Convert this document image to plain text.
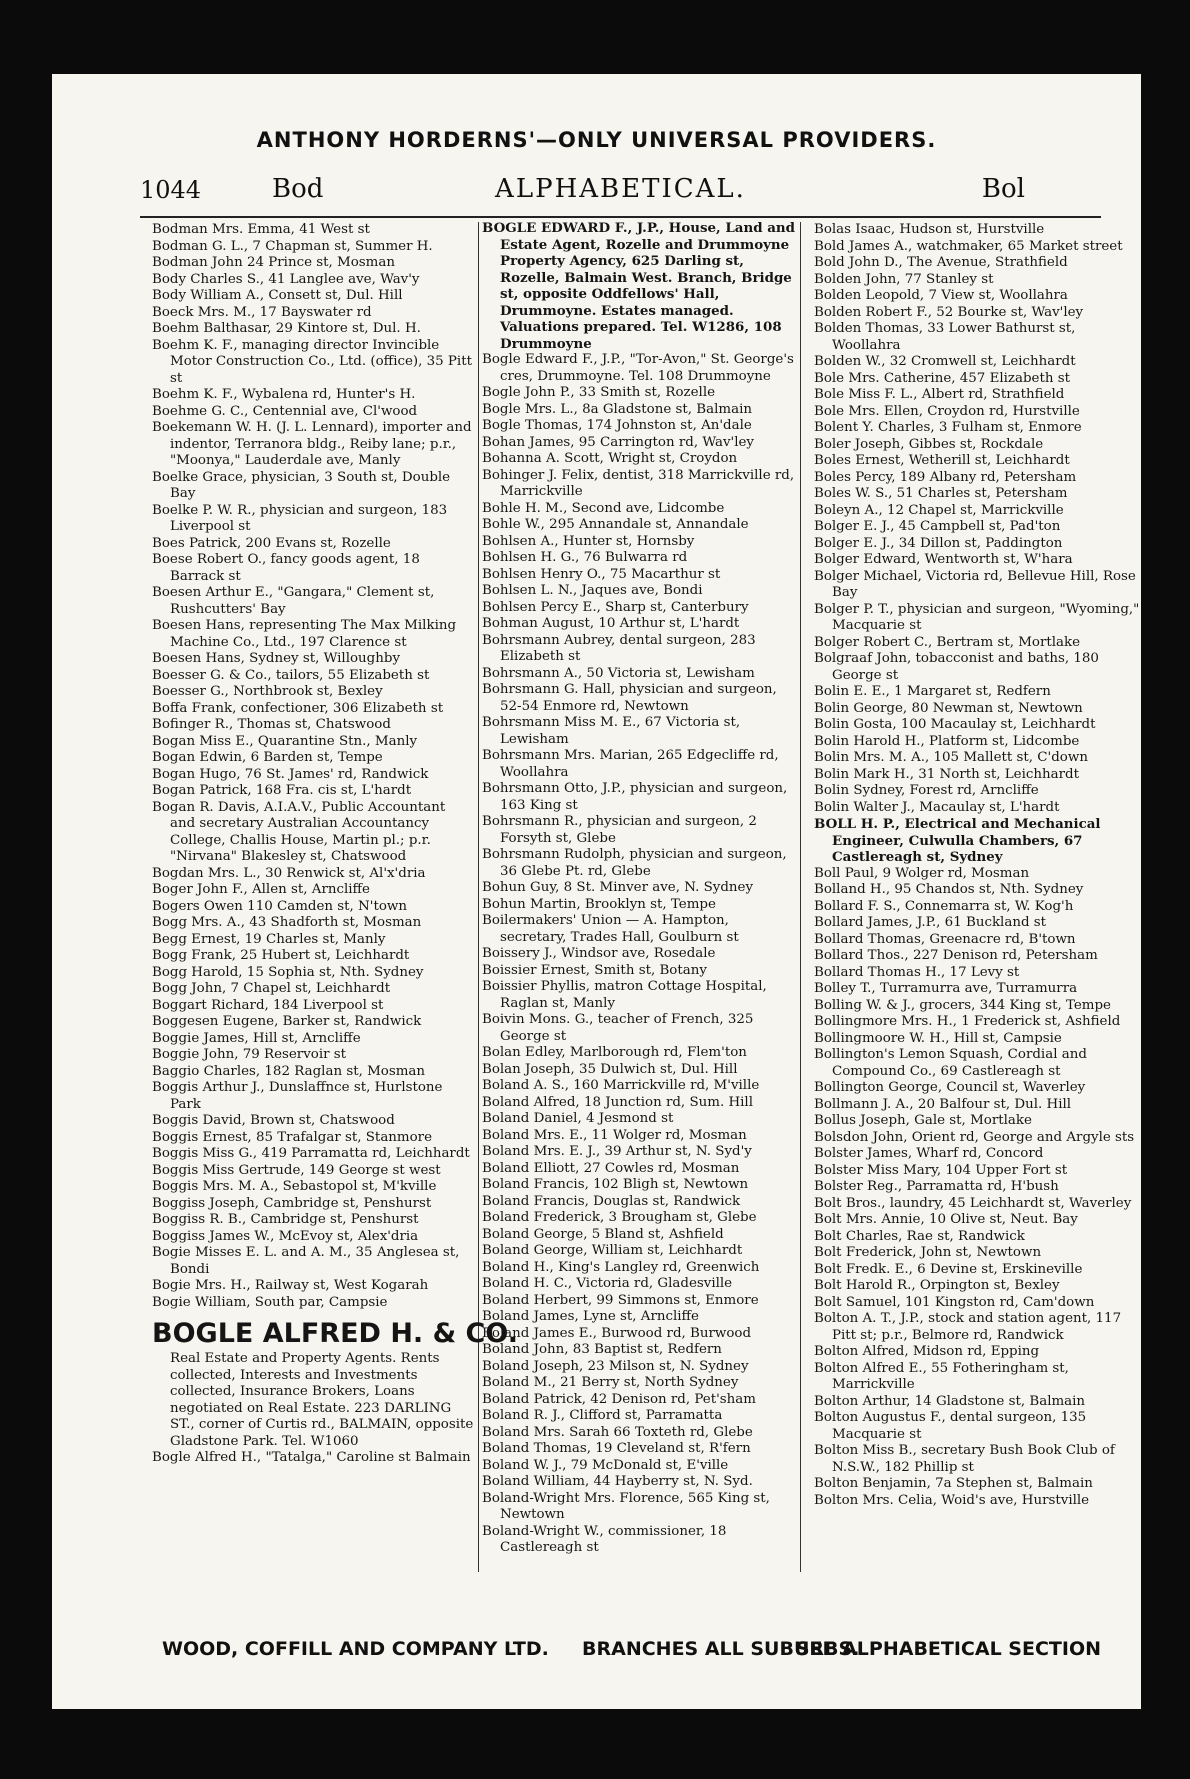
ANTHONY HORDERNS'—ONLY UNIVERSAL PROVIDERS.
1044	Bod	ALPHABETICAL.	Bol

Bodman Mrs. Emma, 41 West st

Bodman G. L., 7 Chapman st, Summer H.

Bodman John 24 Prince st, Mosman

Body Charles S., 41 Langlee ave, Wav'y

Body William A., Consett st, Dul. Hill

Boeck Mrs. M., 17 Bayswater rd

Boehm Balthasar, 29 Kintore st, Dul. H.

Boehm K. F., managing director Invincible Motor Construction Co., Ltd. (office), 35 Pitt st

Boehm K. F., Wybalena rd, Hunter's H.

Boehme G. C., Centennial ave, Cl'wood

Boekemann W. H. (J. L. Lennard), importer and indentor, Terranora bldg., Reiby lane; p.r., "Moonya," Lauderdale ave, Manly

Boelke Grace, physician, 3 South st, Double Bay

Boelke P. W. R., physician and surgeon, 183 Liverpool st

Boes Patrick, 200 Evans st, Rozelle

Boese Robert O., fancy goods agent, 18 Barrack st

Boesen Arthur E., "Gangara," Clement st, Rushcutters' Bay

Boesen Hans, representing The Max Milking Machine Co., Ltd., 197 Clarence st

Boesen Hans, Sydney st, Willoughby

Boesser G. & Co., tailors, 55 Elizabeth st

Boesser G., Northbrook st, Bexley

Boffa Frank, confectioner, 306 Elizabeth st

Bofinger R., Thomas st, Chatswood

Bogan Miss E., Quarantine Stn., Manly

Bogan Edwin, 6 Barden st, Tempe

Bogan Hugo, 76 St. James' rd, Randwick

Bogan Patrick, 168 Fra. cis st, L'hardt

Bogan R. Davis, A.I.A.V., Public Accountant and secretary Australian Accountancy College, Challis House, Martin pl.; p.r. "Nirvana" Blakesley st, Chatswood

Bogdan Mrs. L., 30 Renwick st, Al'x'dria

Boger John F., Allen st, Arncliffe

Bogers Owen 110 Camden st, N'town

Bogg Mrs. A., 43 Shadforth st, Mosman

Begg Ernest, 19 Charles st, Manly

Bogg Frank, 25 Hubert st, Leichhardt

Bogg Harold, 15 Sophia st, Nth. Sydney

Bogg John, 7 Chapel st, Leichhardt

Boggart Richard, 184 Liverpool st

Boggesen Eugene, Barker st, Randwick

Boggie James, Hill st, Arncliffe

Boggie John, 79 Reservoir st

Baggio Charles, 182 Raglan st, Mosman

Boggis Arthur J., Dunslaffnce st, Hurlstone Park

Boggis David, Brown st, Chatswood

Boggis Ernest, 85 Trafalgar st, Stanmore

Boggis Miss G., 419 Parramatta rd, Leichhardt

Boggis Miss Gertrude, 149 George st west

Boggis Mrs. M. A., Sebastopol st, M'kville

Boggiss Joseph, Cambridge st, Penshurst

Boggiss R. B., Cambridge st, Penshurst

Boggiss James W., McEvoy st, Alex'dria

Bogie Misses E. L. and A. M., 35 Anglesea st, Bondi

Bogie Mrs. H., Railway st, West Kogarah

Bogie William, South par, Campsie

BOGLE ALFRED H. & CO.

Real Estate and Property Agents. Rents collected, Interests and Investments collected, Insurance Brokers, Loans negotiated on Real Estate. 223 DARLING ST., corner of Curtis rd., BALMAIN, opposite Gladstone Park. Tel. W1060

Bogle Alfred H., "Tatalga," Caroline st Balmain

BOGLE EDWARD F., J.P., House, Land and Estate Agent, Rozelle and Drummoyne Property Agency, 625 Darling st, Rozelle, Balmain West. Branch, Bridge st, opposite Oddfellows' Hall, Drummoyne. Estates managed. Valuations prepared. Tel. W1286, 108 Drummoyne

Bogle Edward F., J.P., "Tor-Avon," St. George's cres, Drummoyne. Tel. 108 Drummoyne

Bogle John P., 33 Smith st, Rozelle

Bogle Mrs. L., 8a Gladstone st, Balmain

Bogle Thomas, 174 Johnston st, An'dale

Bohan James, 95 Carrington rd, Wav'ley

Bohanna A. Scott, Wright st, Croydon

Bohinger J. Felix, dentist, 318 Marrickville rd, Marrickville

Bohle H. M., Second ave, Lidcombe

Bohle W., 295 Annandale st, Annandale

Bohlsen A., Hunter st, Hornsby

Bohlsen H. G., 76 Bulwarra rd

Bohlsen Henry O., 75 Macarthur st

Bohlsen L. N., Jaques ave, Bondi

Bohlsen Percy E., Sharp st, Canterbury

Bohman August, 10 Arthur st, L'hardt

Bohrsmann Aubrey, dental surgeon, 283 Elizabeth st

Bohrsmann A., 50 Victoria st, Lewisham

Bohrsmann G. Hall, physician and surgeon, 52-54 Enmore rd, Newtown

Bohrsmann Miss M. E., 67 Victoria st, Lewisham

Bohrsmann Mrs. Marian, 265 Edgecliffe rd, Woollahra

Bohrsmann Otto, J.P., physician and surgeon, 163 King st

Bohrsmann R., physician and surgeon, 2 Forsyth st, Glebe

Bohrsmann Rudolph, physician and surgeon, 36 Glebe Pt. rd, Glebe

Bohun Guy, 8 St. Minver ave, N. Sydney

Bohun Martin, Brooklyn st, Tempe

Boilermakers' Union — A. Hampton, secretary, Trades Hall, Goulburn st

Boissery J., Windsor ave, Rosedale

Boissier Ernest, Smith st, Botany

Boissier Phyllis, matron Cottage Hospital, Raglan st, Manly

Boivin Mons. G., teacher of French, 325 George st

Bolan Edley, Marlborough rd, Flem'ton

Bolan Joseph, 35 Dulwich st, Dul. Hill

Boland A. S., 160 Marrickville rd, M'ville

Boland Alfred, 18 Junction rd, Sum. Hill

Boland Daniel, 4 Jesmond st

Boland Mrs. E., 11 Wolger rd, Mosman

Boland Mrs. E. J., 39 Arthur st, N. Syd'y

Boland Elliott, 27 Cowles rd, Mosman

Boland Francis, 102 Bligh st, Newtown

Boland Francis, Douglas st, Randwick

Boland Frederick, 3 Brougham st, Glebe

Boland George, 5 Bland st, Ashfield

Boland George, William st, Leichhardt

Boland H., King's Langley rd, Greenwich

Boland H. C., Victoria rd, Gladesville

Boland Herbert, 99 Simmons st, Enmore

Boland James, Lyne st, Arncliffe

Boland James E., Burwood rd, Burwood

Boland John, 83 Baptist st, Redfern

Boland Joseph, 23 Milson st, N. Sydney

Boland M., 21 Berry st, North Sydney

Boland Patrick, 42 Denison rd, Pet'sham

Boland R. J., Clifford st, Parramatta

Boland Mrs. Sarah 66 Toxteth rd, Glebe

Boland Thomas, 19 Cleveland st, R'fern

Boland W. J., 79 McDonald st, E'ville

Boland William, 44 Hayberry st, N. Syd.

Boland-Wright Mrs. Florence, 565 King st, Newtown

Boland-Wright W., commissioner, 18 Castlereagh st

Bolas Isaac, Hudson st, Hurstville

Bold James A., watchmaker, 65 Market street

Bold John D., The Avenue, Strathfield

Bolden John, 77 Stanley st

Bolden Leopold, 7 View st, Woollahra

Bolden Robert F., 52 Bourke st, Wav'ley

Bolden Thomas, 33 Lower Bathurst st, Woollahra

Bolden W., 32 Cromwell st, Leichhardt

Bole Mrs. Catherine, 457 Elizabeth st

Bole Miss F. L., Albert rd, Strathfield

Bole Mrs. Ellen, Croydon rd, Hurstville

Bolent Y. Charles, 3 Fulham st, Enmore

Boler Joseph, Gibbes st, Rockdale

Boles Ernest, Wetherill st, Leichhardt

Boles Percy, 189 Albany rd, Petersham

Boles W. S., 51 Charles st, Petersham

Boleyn A., 12 Chapel st, Marrickville

Bolger E. J., 45 Campbell st, Pad'ton

Bolger E. J., 34 Dillon st, Paddington

Bolger Edward, Wentworth st, W'hara

Bolger Michael, Victoria rd, Bellevue Hill, Rose Bay

Bolger P. T., physician and surgeon, "Wyoming," Macquarie st

Bolger Robert C., Bertram st, Mortlake

Bolgraaf John, tobacconist and baths, 180 George st

Bolin E. E., 1 Margaret st, Redfern

Bolin George, 80 Newman st, Newtown

Bolin Gosta, 100 Macaulay st, Leichhardt

Bolin Harold H., Platform st, Lidcombe

Bolin Mrs. M. A., 105 Mallett st, C'down

Bolin Mark H., 31 North st, Leichhardt

Bolin Sydney, Forest rd, Arncliffe

Bolin Walter J., Macaulay st, L'hardt

BOLL H. P., Electrical and Mechanical Engineer, Culwulla Chambers, 67 Castlereagh st, Sydney

Boll Paul, 9 Wolger rd, Mosman

Bolland H., 95 Chandos st, Nth. Sydney

Bollard F. S., Connemarra st, W. Kog'h

Bollard James, J.P., 61 Buckland st

Bollard Thomas, Greenacre rd, B'town

Bollard Thos., 227 Denison rd, Petersham

Bollard Thomas H., 17 Levy st

Bolley T., Turramurra ave, Turramurra

Bolling W. & J., grocers, 344 King st, Tempe

Bollingmore Mrs. H., 1 Frederick st, Ashfield

Bollingmoore W. H., Hill st, Campsie

Bollington's Lemon Squash, Cordial and Compound Co., 69 Castlereagh st

Bollington George, Council st, Waverley

Bollmann J. A., 20 Balfour st, Dul. Hill

Bollus Joseph, Gale st, Mortlake

Bolsdon John, Orient rd, George and Argyle sts

Bolster James, Wharf rd, Concord

Bolster Miss Mary, 104 Upper Fort st

Bolster Reg., Parramatta rd, H'bush

Bolt Bros., laundry, 45 Leichhardt st, Waverley

Bolt Mrs. Annie, 10 Olive st, Neut. Bay

Bolt Charles, Rae st, Randwick

Bolt Frederick, John st, Newtown

Bolt Fredk. E., 6 Devine st, Erskineville

Bolt Harold R., Orpington st, Bexley

Bolt Samuel, 101 Kingston rd, Cam'down

Bolton A. T., J.P., stock and station agent, 117 Pitt st; p.r., Belmore rd, Randwick

Bolton Alfred, Midson rd, Epping

Bolton Alfred E., 55 Fotheringham st, Marrickville

Bolton Arthur, 14 Gladstone st, Balmain

Bolton Augustus F., dental surgeon, 135 Macquarie st

Bolton Miss B., secretary Bush Book Club of N.S.W., 182 Phillip st

Bolton Benjamin, 7a Stephen st, Balmain

Bolton Mrs. Celia, Woid's ave, Hurstville

WOOD, COFFILL AND COMPANY LTD. BRANCHES ALL SUBURBS.
SEE ALPHABETICAL SECTION
